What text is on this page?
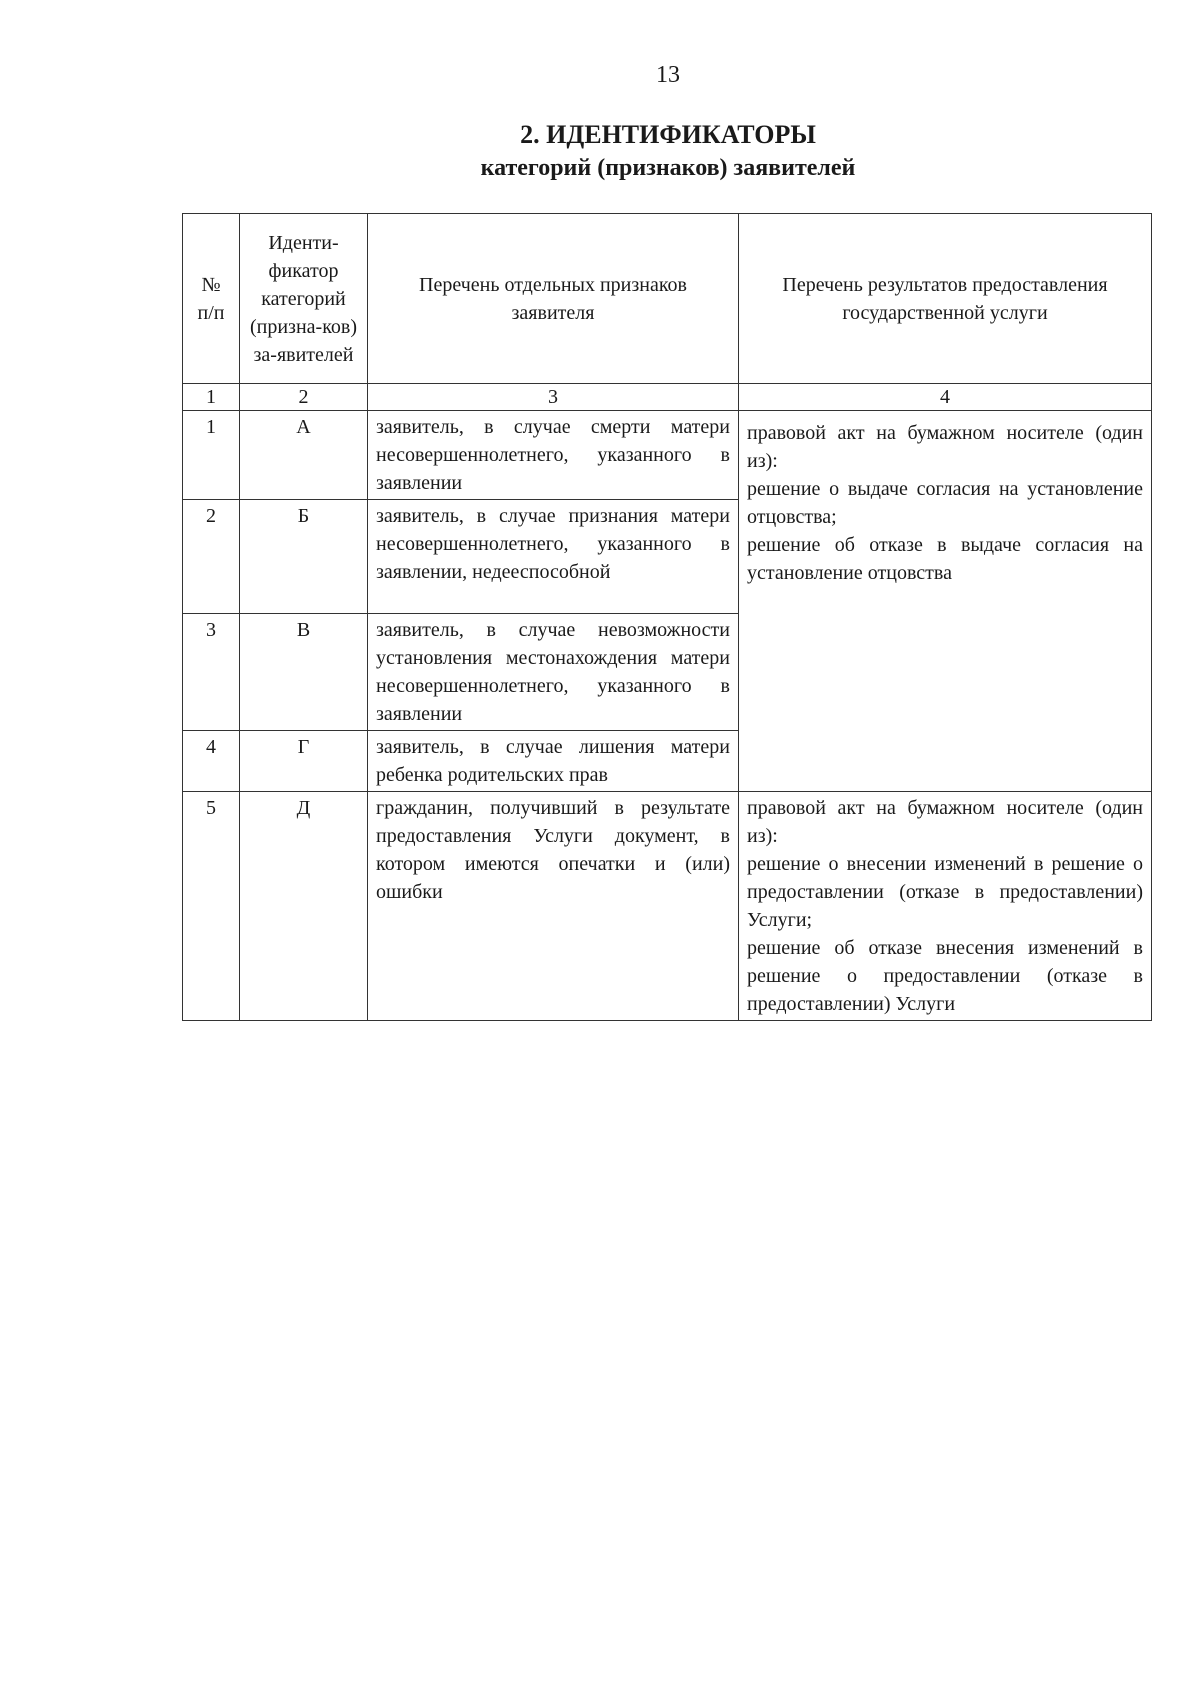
13
2. ИДЕНТИФИКАТОРЫ
категорий (признаков) заявителей
№ п/п	Иденти-фикатор категорий (призна-ков) за-явителей	Перечень отдельных признаков заявителя	Перечень результатов предоставления государственной услуги
1	2	3	4
1	А	заявитель, в случае смерти матери несовершеннолетнего, указанного в заявлении	правовой акт на бумажном носителе (один из):
решение о выдаче согласия на установление отцовства;
решение об отказе в выдаче согласия на установление отцовства

2	Б	заявитель, в случае признания матери несовершеннолетнего, указанного в заявлении, недееспособной	
3	В	заявитель, в случае невозможности установления местонахождения матери несовершеннолетнего, указанного в заявлении	
4	Г	заявитель, в случае лишения матери ребенка родительских прав	
5	Д	гражданин, получивший в результате предоставления Услуги документ, в котором имеются опечатки и (или) ошибки	правовой акт на бумажном носителе (один из):
решение о внесении изменений в решение о предоставлении (отказе в предоставлении) Услуги;
решение об отказе внесения изменений в решение о предоставлении (отказе в предоставлении) Услуги
